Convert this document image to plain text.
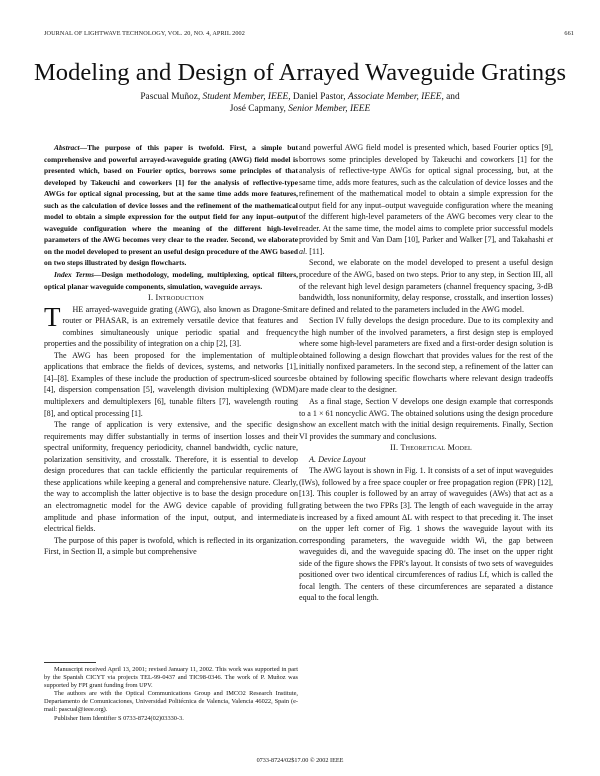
JOURNAL OF LIGHTWAVE TECHNOLOGY, VOL. 20, NO. 4, APRIL 2002	661
Modeling and Design of Arrayed Waveguide Gratings
Pascual Muñoz, Student Member, IEEE, Daniel Pastor, Associate Member, IEEE, and
José Capmany, Senior Member, IEEE

Abstract—The purpose of this paper is twofold. First, a simple but comprehensive and powerful arrayed-waveguide grating (AWG) field model is presented which, based on Fourier optics, borrows some principles of that developed by Takeuchi and coworkers [1] for the analysis of reflective-type AWGs for optical signal processing, but at the same time adds more features, such as the calculation of device losses and the refinement of the mathematical model to obtain a simple expression for the output field for any input–output waveguide configuration where the meaning of the different high-level parameters of the AWG becomes very clear to the reader. Second, we elaborate on the model developed to present an useful design procedure of the AWG based on two steps illustrated by design flowcharts.

Index Terms—Design methodology, modeling, multiplexing, optical filters, optical planar waveguide components, simulation, waveguide arrays.

I. Introduction

T HE arrayed-waveguide grating (AWG), also known as Dragone-Smit router or PHASAR, is an extremely versatile device that features and combines simultaneously unique periodic spatial and frequency properties and the possibility of integration on a chip [2], [3].

The AWG has been proposed for the implementation of multiple applications that embrace the fields of devices, systems, and networks [1], [4]–[8]. Examples of these include the production of spectrum-sliced sources [4], dispersion compensation [5], wavelength division multiplexing (WDM) multiplexers and demultiplexers [6], tunable filters [7], wavelength routing [8], and optical processing [1].

The range of application is very extensive, and the specific design requirements may differ substantially in terms of insertion losses and their spectral uniformity, frequency periodicity, channel bandwidth, cyclic nature, polarization sensitivity, and crosstalk. Therefore, it is essential to develop design procedures that can tackle efficiently the particular requirements of these applications while keeping a general and comprehensive nature. Clearly, the way to accomplish the latter objective is to base the design procedure on an electromagnetic model for the AWG device capable of providing full amplitude and phase information of the input, output, and intermediate electrical fields.

The purpose of this paper is twofold, which is reflected in its organization. First, in Section II, a simple but comprehensive

Manuscript received April 13, 2001; revised January 11, 2002. This work was supported in part by the Spanish CICYT via projects TEL-99-0437 and TIC98-0346. The work of P. Muñoz was supported by FPI grant funding from UPV.

The authors are with the Optical Communications Group and IMCO2 Research Institute, Departamento de Comunicaciones, Universidad Politécnica de Valencia, Valencia 46022, Spain (e-mail: pascual@ieee.org).

Publisher Item Identifier S 0733-8724(02)03330-3.

and powerful AWG field model is presented which, based Fourier optics [9], borrows some principles developed by Takeuchi and coworkers [1] for the analysis of reflective-type AWGs for optical signal processing, but, at the same time, adds more features, such as the calculation of device losses and the refinement of the mathematical model to obtain a simple expression for the output field for any input–output waveguide configuration where the meaning of the different high-level parameters of the AWG becomes very clear to the reader. At the same time, the model aims to complete prior successful models provided by Smit and Van Dam [10], Parker and Walker [7], and Takahashi et al. [11].

Second, we elaborate on the model developed to present a useful design procedure of the AWG, based on two steps. Prior to any step, in Section III, all of the relevant high level design parameters (channel frequency spacing, 3-dB bandwidth, loss nonuniformity, delay response, crosstalk, and insertion losses) are defined and related to the parameters included in the AWG model.

Section IV fully develops the design procedure. Due to its complexity and the high number of the involved parameters, a first design step is employed where some high-level parameters are fixed and a first-order design solution is obtained following a design flowchart that provides values for the rest of the initially nonfixed parameters. In the second step, a refinement of the latter can be obtained by following specific flowcharts where relevant design tradeoffs are made clear to the designer.

As a final stage, Section V develops one design example that corresponds to a 1 × 61 noncyclic AWG. The obtained solutions using the design procedure show an excellent match with the initial design requirements. Finally, Section VI provides the summary and conclusions.

II. Theoretical Model

A. Device Layout

The AWG layout is shown in Fig. 1. It consists of a set of input waveguides (IWs), followed by a free space coupler or free propagation region (FPR) [12], [13]. This coupler is followed by an array of waveguides (AWs) that act as a grating between the two FPRs [3]. The length of each waveguide in the array is increased by a fixed amount ΔL with respect to that preceding it. The inset on the upper left corner of Fig. 1 shows the waveguide layout with its corresponding parameters, the waveguide width Wi, the gap between waveguides di, and the waveguide spacing d0. The inset on the upper right side of the figure shows the FPR's layout. It consists of two sets of waveguides positioned over two identical circumferences of radius Lf, which is called the focal length. The centers of these circumferences are separated a distance equal to the focal length.

0733-8724/02$17.00 © 2002 IEEE
